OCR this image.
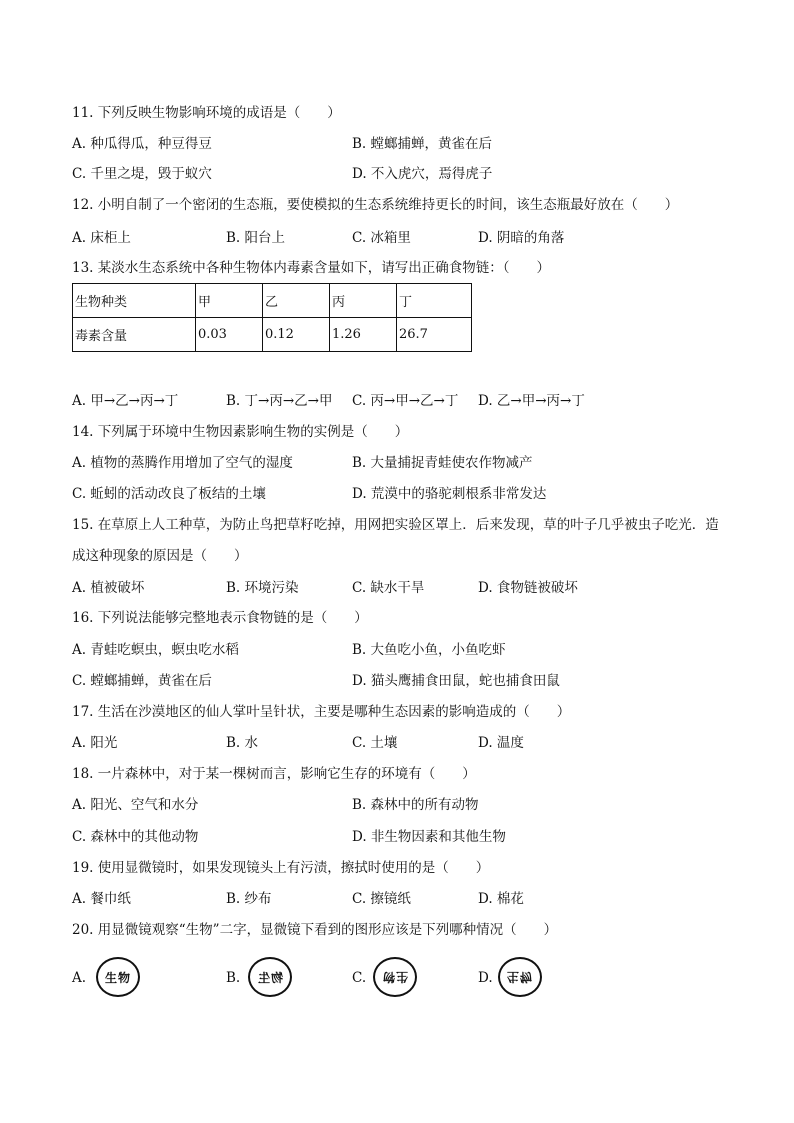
11. 下列反映生物影响环境的成语是（　　）
A. 种瓜得瓜，种豆得豆	B. 螳螂捕蝉，黄雀在后
C. 千里之堤，毁于蚁穴	D. 不入虎穴，焉得虎子
12. 小明自制了一个密闭的生态瓶，要使模拟的生态系统维持更长的时间，该生态瓶最好放在（　　）
A. 床柜上	B. 阳台上	C. 冰箱里	D. 阴暗的角落
13. 某淡水生态系统中各种生物体内毒素含量如下，请写出正确食物链：（　　）
生物种类	甲	乙	丙	丁
毒素含量	0.03	0.12	1.26	26.7
A. 甲→乙→丙→丁	B. 丁→丙→乙→甲 C. 丙→甲→乙→丁 D. 乙→甲→丙→丁
14. 下列属于环境中生物因素影响生物的实例是（　　）
A. 植物的蒸腾作用增加了空气的湿度	B. 大量捕捉青蛙使农作物减产
C. 蚯蚓的活动改良了板结的土壤	D. 荒漠中的骆驼刺根系非常发达
15. 在草原上人工种草，为防止鸟把草籽吃掉，用网把实验区罩上．后来发现，草的叶子几乎被虫子吃光．造
成这种现象的原因是（　　）
A. 植被破坏	B. 环境污染	C. 缺水干旱	D. 食物链被破坏
16. 下列说法能够完整地表示食物链的是（　　）
A. 青蛙吃螟虫，螟虫吃水稻	B. 大鱼吃小鱼，小鱼吃虾
C. 螳螂捕蝉，黄雀在后	D. 猫头鹰捕食田鼠，蛇也捕食田鼠
17. 生活在沙漠地区的仙人掌叶呈针状，主要是哪种生态因素的影响造成的（　　）
A. 阳光	B. 水	C. 土壤	D. 温度
18. 一片森林中，对于某一棵树而言，影响它生存的环境有（　　）
A. 阳光、空气和水分	B. 森林中的所有动物
C. 森林中的其他动物	D. 非生物因素和其他生物
19. 使用显微镜时，如果发现镜头上有污渍，擦拭时使用的是（　　）
A. 餐巾纸	B. 纱布	C. 擦镜纸	D. 棉花
20. 用显微镜观察“生物”二字，显微镜下看到的图形应该是下列哪种情况（　　）
A. 生物	B. 物生	C. 生物	D. 生物
